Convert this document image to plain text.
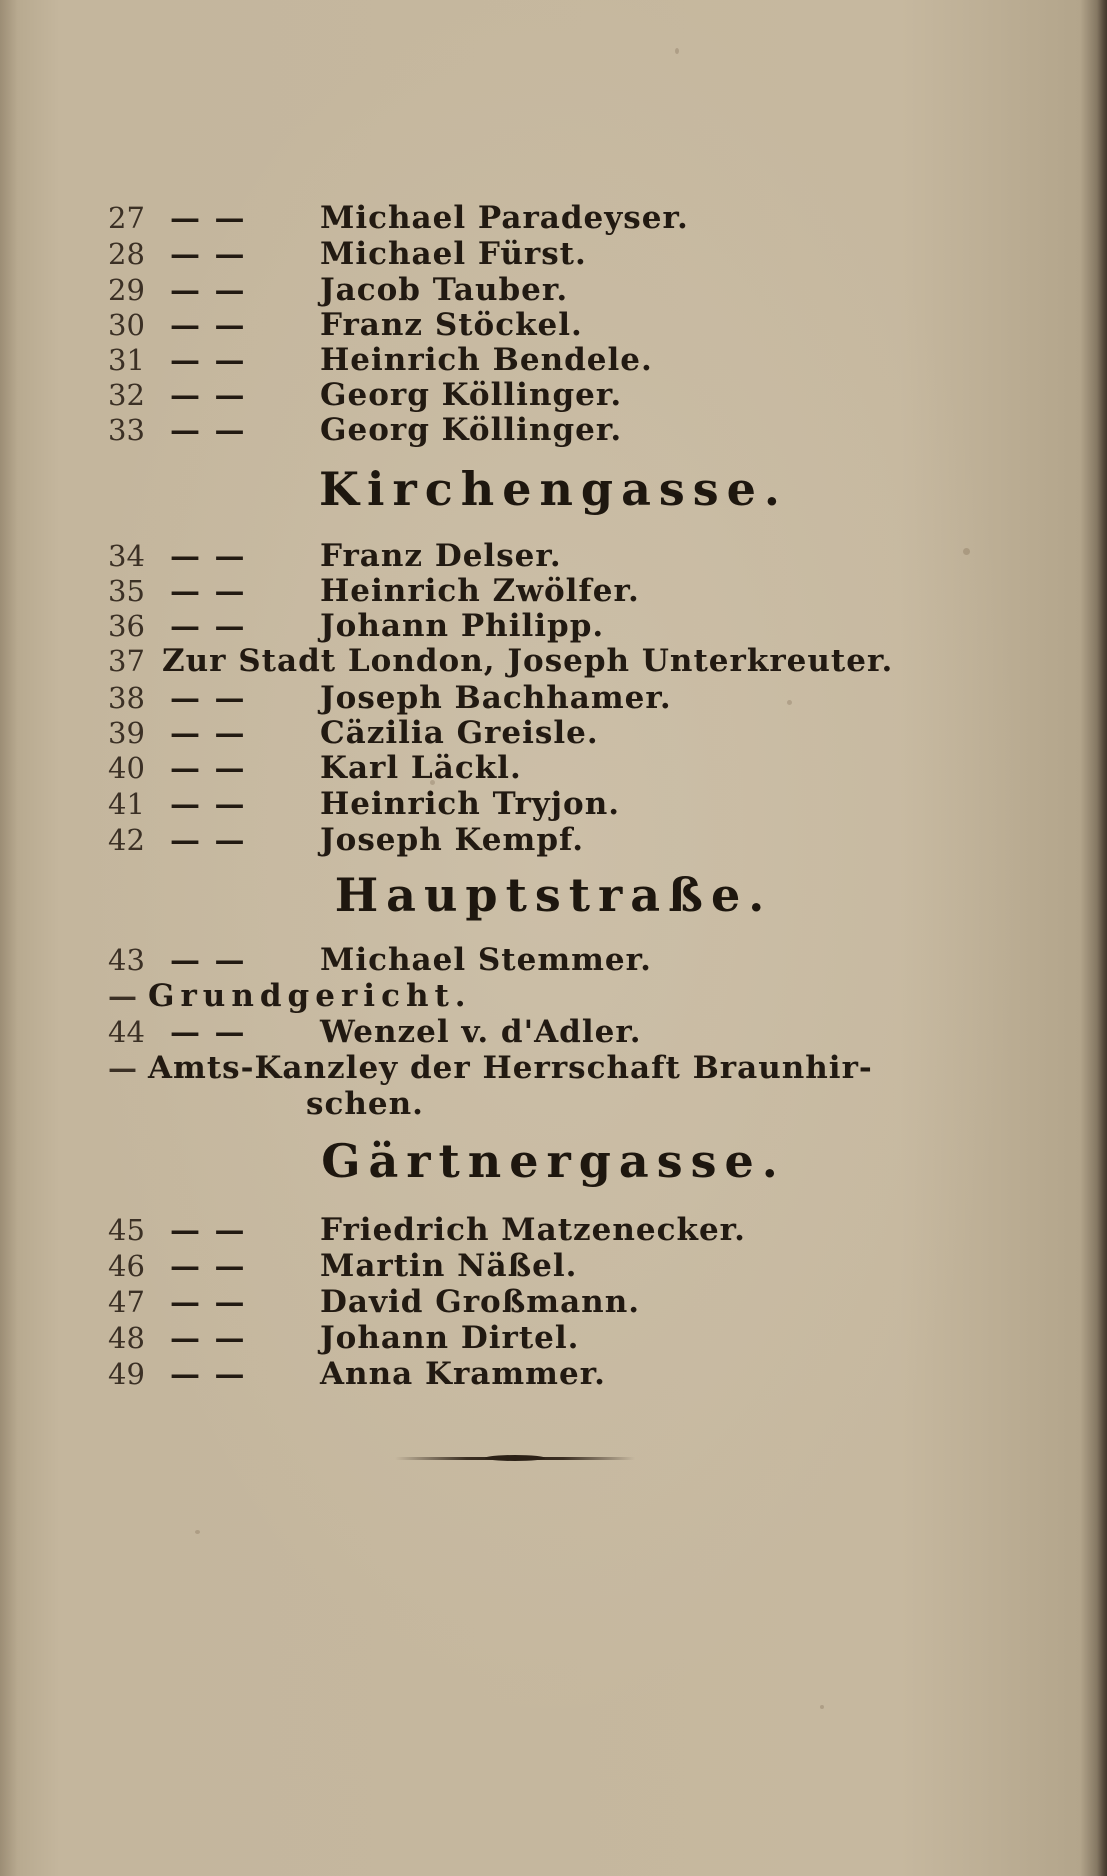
27 — —	Michael Paradeyser.
28 — —	Michael Fürst.
29 — —	Jacob Tauber.
30 — —	Franz Stöckel.
31 — —	Heinrich Bendele.
32 — —	Georg Köllinger.
33 — —	Georg Köllinger.
Kirchengasse.
34 — —	Franz Delser.
35 — —	Heinrich Zwölfer.
36 — —	Johann Philipp.
37 Zur Stadt London, Joseph Unterkreuter.
38 — —	Joseph Bachhamer.
39 — —	Cäzilia Greisle.
40 — —	Karl Läckl.
41 — —	Heinrich Tryjon.
42 — —	Joseph Kempf.
Hauptstraße.
43 — —	Michael Stemmer.
— Grundgericht.
44 — —	Wenzel v. d'Adler.
— Amts-Kanzley der Herrschaft Braunhir-
schen.
Gärtnergasse.
45 — —	Friedrich Matzenecker.
46 — —	Martin Näßel.
47 — —	David Großmann.
48 — —	Johann Dirtel.
49 — —	Anna Krammer.
